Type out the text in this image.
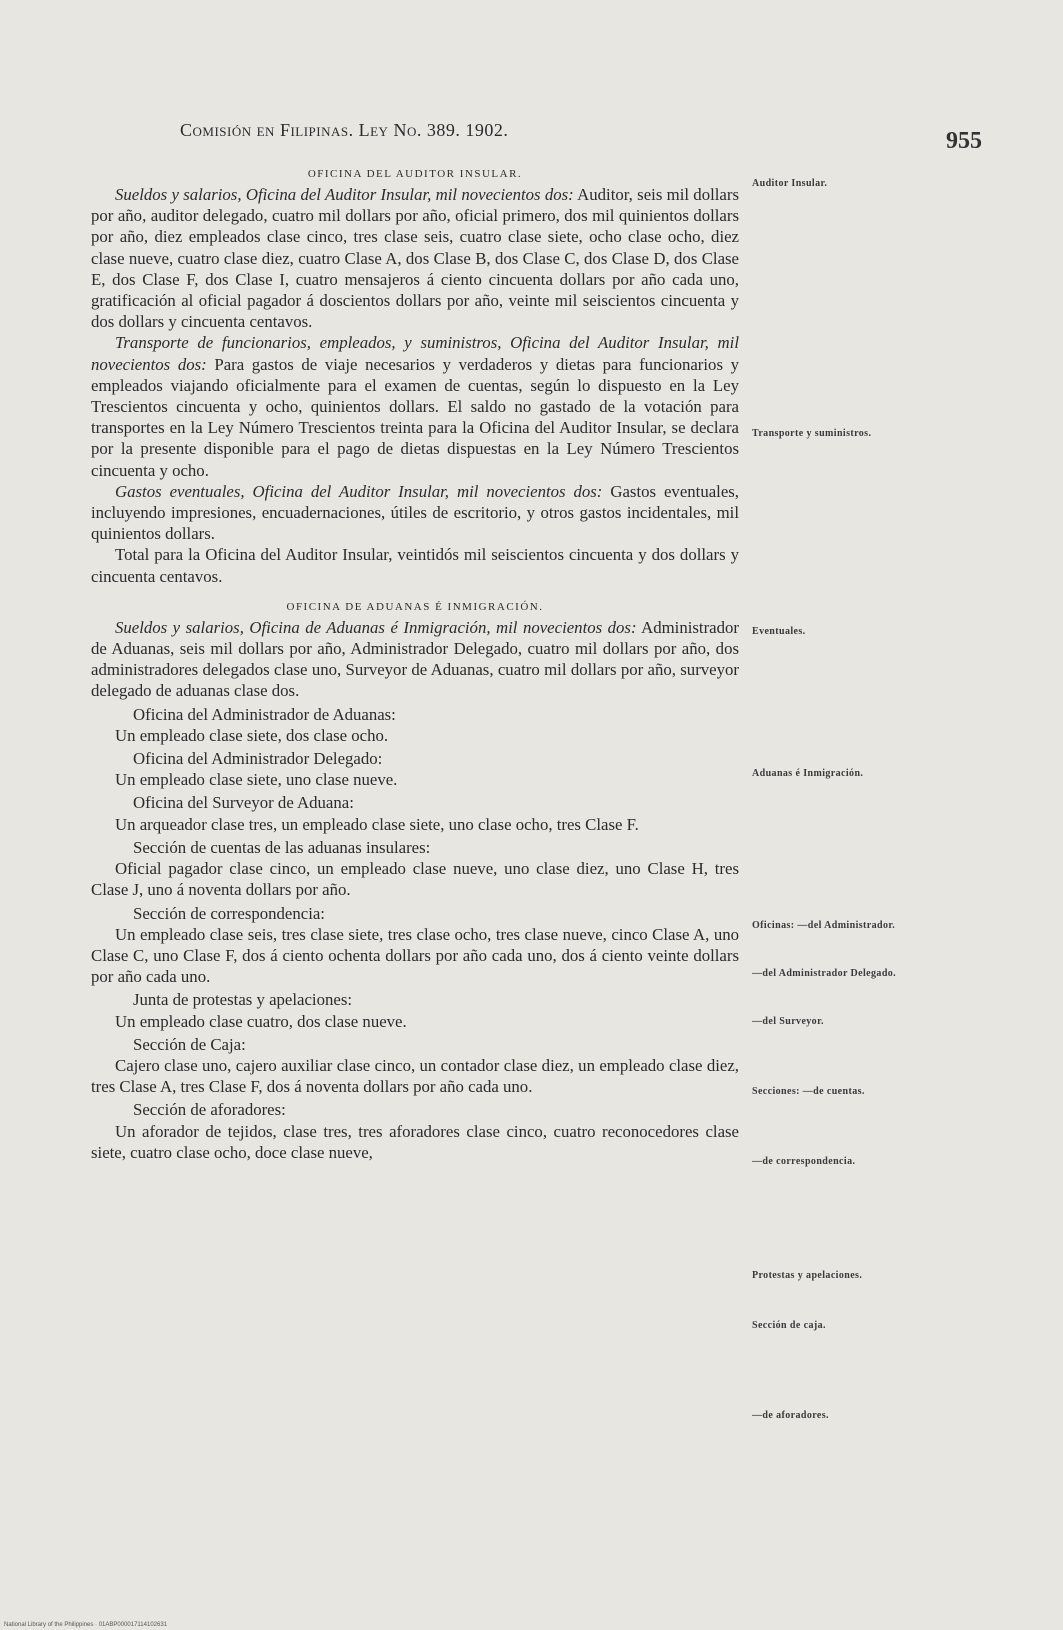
Comisión en Filipinas. Ley No. 389. 1902.	955
OFICINA DEL AUDITOR INSULAR.

Sueldos y salarios, Oficina del Auditor Insular, mil novecientos dos: Auditor, seis mil dollars por año, auditor delegado, cuatro mil dollars por año, oficial primero, dos mil quinientos dollars por año, diez empleados clase cinco, tres clase seis, cuatro clase siete, ocho clase ocho, diez clase nueve, cuatro clase diez, cuatro Clase A, dos Clase B, dos Clase C, dos Clase D, dos Clase E, dos Clase F, dos Clase I, cuatro mensajeros á ciento cincuenta dollars por año cada uno, gratificación al oficial pagador á doscientos dollars por año, veinte mil seiscientos cincuenta y dos dollars y cincuenta centavos.

Transporte de funcionarios, empleados, y suministros, Oficina del Auditor Insular, mil novecientos dos: Para gastos de viaje necesarios y verdaderos y dietas para funcionarios y empleados viajando oficialmente para el examen de cuentas, según lo dispuesto en la Ley Trescientos cincuenta y ocho, quinientos dollars. El saldo no gastado de la votación para transportes en la Ley Número Trescientos treinta para la Oficina del Auditor Insular, se declara por la presente disponible para el pago de dietas dispuestas en la Ley Número Trescientos cincuenta y ocho.

Gastos eventuales, Oficina del Auditor Insular, mil novecientos dos: Gastos eventuales, incluyendo impresiones, encuadernaciones, útiles de escritorio, y otros gastos incidentales, mil quinientos dollars.

Total para la Oficina del Auditor Insular, veintidós mil seiscientos cincuenta y dos dollars y cincuenta centavos.

OFICINA DE ADUANAS É INMIGRACIÓN.

Sueldos y salarios, Oficina de Aduanas é Inmigración, mil novecientos dos: Administrador de Aduanas, seis mil dollars por año, Administrador Delegado, cuatro mil dollars por año, dos administradores delegados clase uno, Surveyor de Aduanas, cuatro mil dollars por año, surveyor delegado de aduanas clase dos.

Oficina del Administrador de Aduanas:

Un empleado clase siete, dos clase ocho.

Oficina del Administrador Delegado:

Un empleado clase siete, uno clase nueve.

Oficina del Surveyor de Aduana:

Un arquеador clase tres, un empleado clase siete, uno clase ocho, tres Clase F.

Sección de cuentas de las aduanas insulares:

Oficial pagador clase cinco, un empleado clase nueve, uno clase diez, uno Clase H, tres Clase J, uno á noventa dollars por año.

Sección de correspondencia:

Un empleado clase seis, tres clase siete, tres clase ocho, tres clase nueve, cinco Clase A, uno Clase C, uno Clase F, dos á ciento ochenta dollars por año cada uno, dos á ciento veinte dollars por año cada uno.

Junta de protestas y apelaciones:

Un empleado clase cuatro, dos clase nueve.

Sección de Caja:

Cajero clase uno, cajero auxiliar clase cinco, un contador clase diez, un empleado clase diez, tres Clase A, tres Clase F, dos á noventa dollars por año cada uno.

Sección de aforadores:

Un aforador de tejidos, clase tres, tres aforadores clase cinco, cuatro reconocedores clase siete, cuatro clase ocho, doce clase nueve,

Auditor Insular.
Transporte y suministros.
Eventuales.
Aduanas é Inmigración.
Oficinas: —del Administrador.
—del Administrador Delegado.
—del Surveyor.
Secciones: —de cuentas.
—de correspondencia.
Protestas y apelaciones.
Sección de caja.
—de aforadores.
National Library of the Philippines · 01ABP000017114102631
